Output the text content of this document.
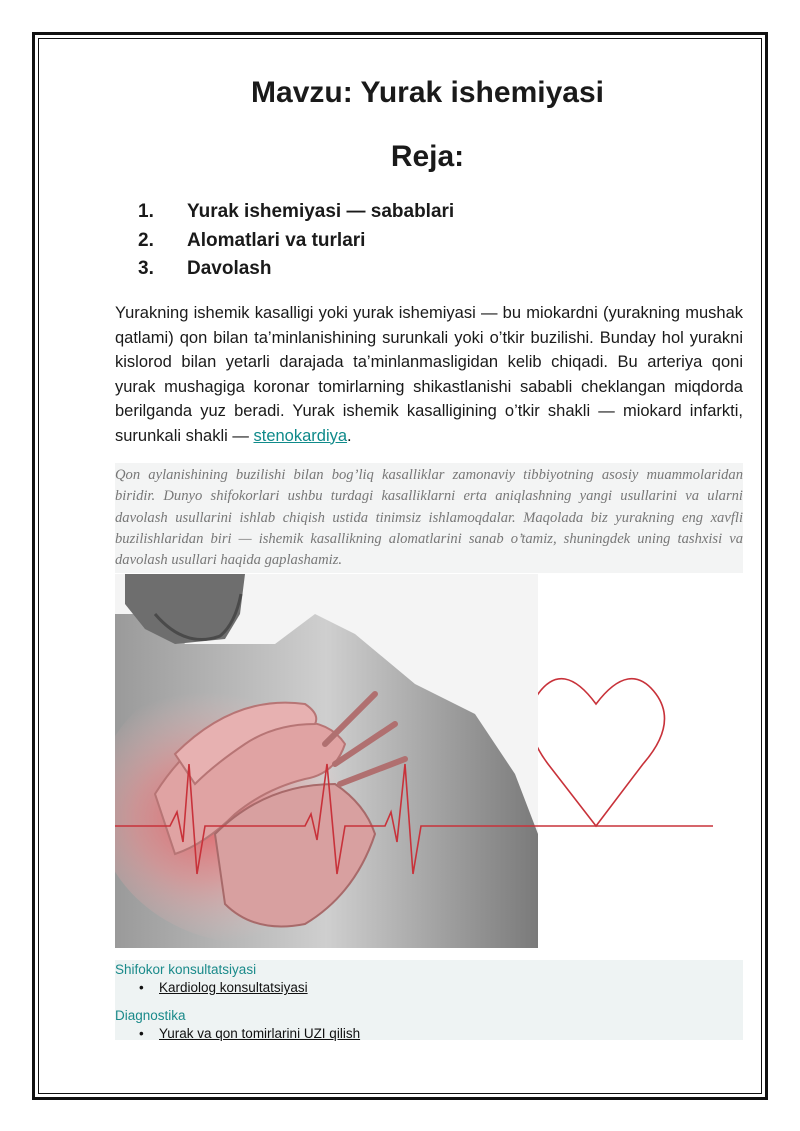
Mavzu: Yurak ishemiyasi
Reja:
1.	Yurak ishemiyasi — sabablari
2.	Alomatlari va turlari
3.	Davolash

Yurakning ishemik kasalligi yoki yurak ishemiyasi — bu miokardni (yurakning mushak qatlami) qon bilan ta’minlanishining surunkali yoki o’tkir buzilishi. Bunday hol yurakni kislorod bilan yetarli darajada ta’minlanmasligidan kelib chiqadi. Bu arteriya qoni yurak mushagiga koronar tomirlarning shikastlanishi sababli cheklangan miqdorda berilganda yuz beradi. Yurak ishemik kasalligining o’tkir shakli — miokard infarkti, surunkali shakli — stenokardiya.

Qon aylanishining buzilishi bilan bog’liq kasalliklar zamonaviy tibbiyotning asosiy muammolaridan biridir. Dunyo shifokorlari ushbu turdagi kasalliklarni erta aniqlashning yangi usullarini va ularni davolash usullarini ishlab chiqish ustida tinimsiz ishlamoqdalar. Maqolada biz yurakning eng xavfli buzilishlaridan biri — ishemik kasallikning alomatlarini sanab o’tamiz, shuningdek uning tashxisi va davolash usullari haqida gaplashamiz.

Shifokor konsultatsiyasi
• Kardiolog konsultatsiyasi
Diagnostika
• Yurak va qon tomirlarini UZI qilish
